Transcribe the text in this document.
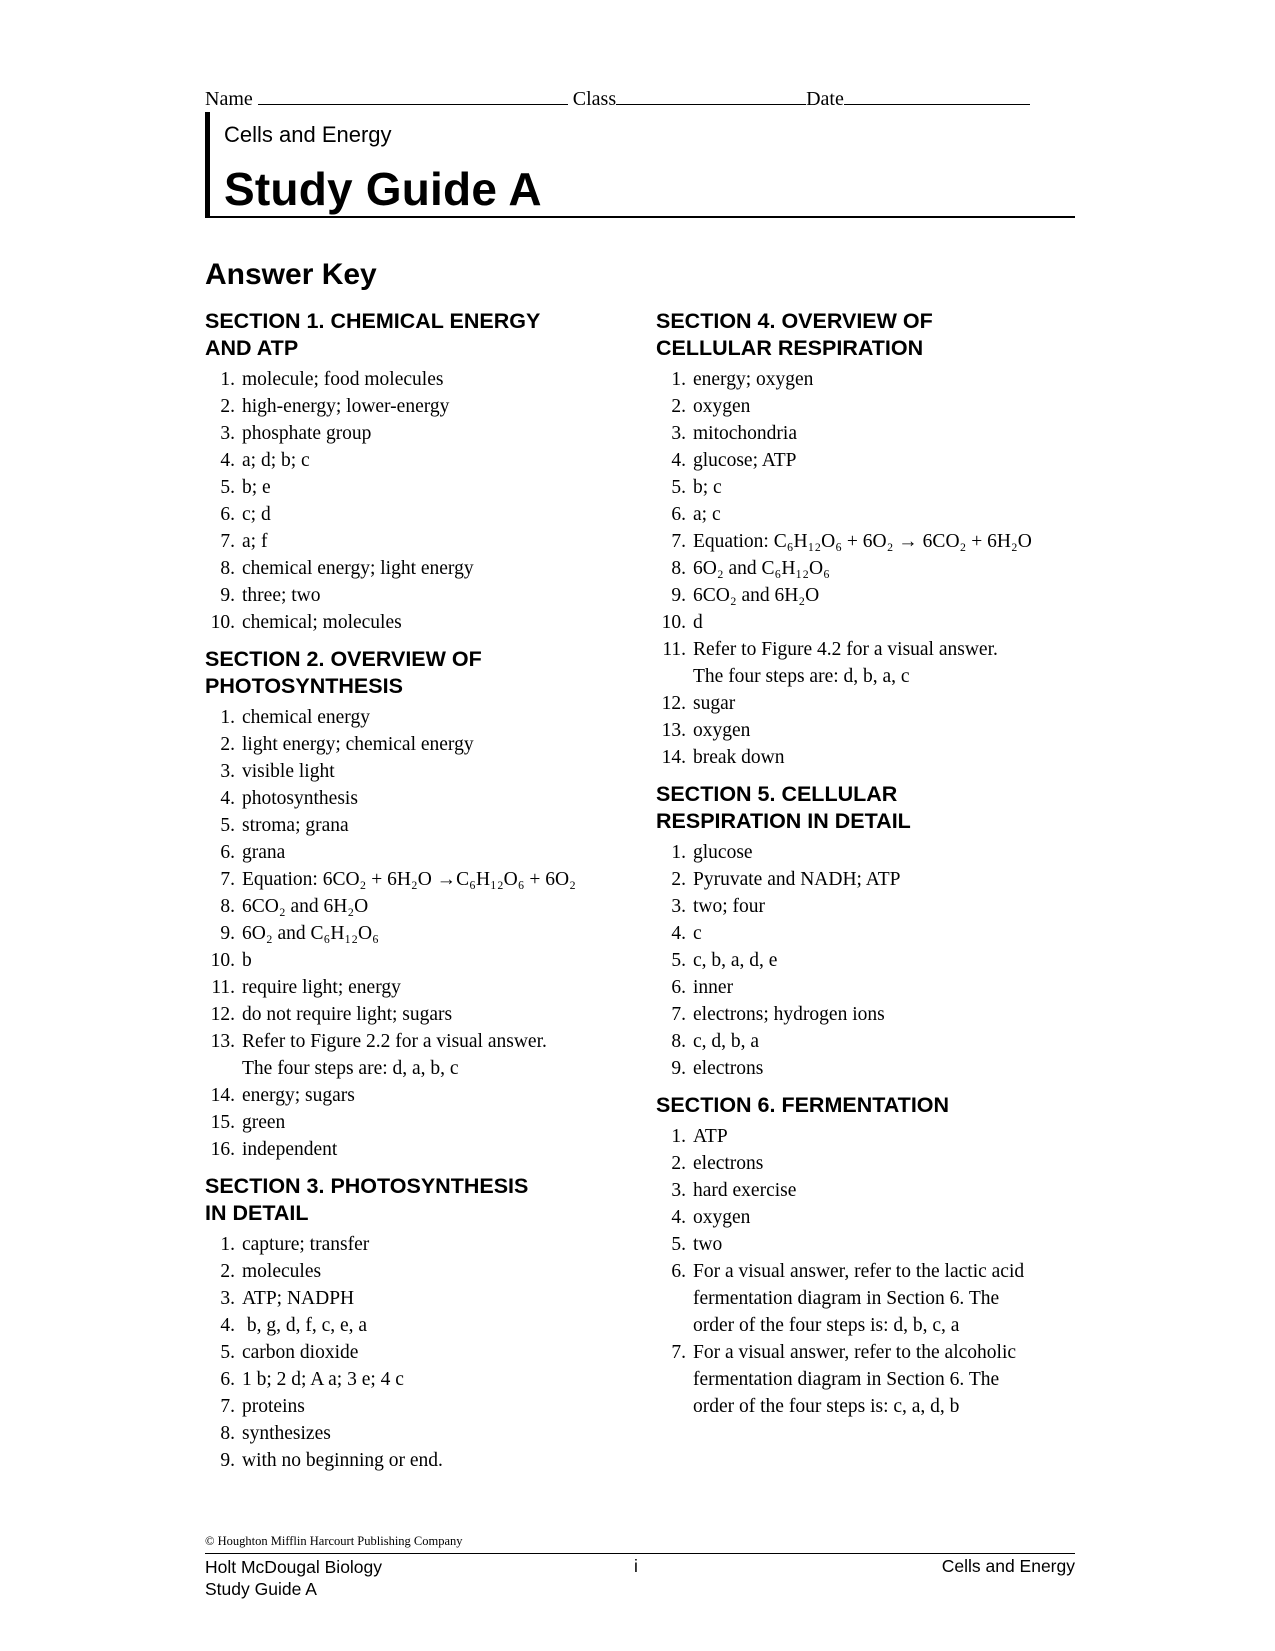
Name	Class	Date
Cells and Energy
Study Guide A
Answer Key
SECTION 1. CHEMICAL ENERGY
AND ATP
1. molecule; food molecules
2. high-energy; lower-energy
3. phosphate group
4. a; d; b; c
5. b; e
6. c; d
7. a; f
8. chemical energy; light energy
9. three; two
10. chemical; molecules
SECTION 2. OVERVIEW OF
PHOTOSYNTHESIS
1. chemical energy
2. light energy; chemical energy
3. visible light
4. photosynthesis
5. stroma; grana
6. grana
7. Equation: 6CO₂ + 6H₂O →C₆H₁₂O₆ + 6O₂
8. 6CO₂ and 6H₂O
9. 6O₂ and C₆H₁₂O₆
10. b
11. require light; energy
12. do not require light; sugars
13. Refer to Figure 2.2 for a visual answer.
The four steps are: d, a, b, c
14. energy; sugars
15. green
16. independent
SECTION 3. PHOTOSYNTHESIS
IN DETAIL
1. capture; transfer
2. molecules
3. ATP; NADPH
4. b, g, d, f, c, e, a
5. carbon dioxide
6. 1 b; 2 d; A a; 3 e; 4 c
7. proteins
8. synthesizes
9. with no beginning or end.
SECTION 4. OVERVIEW OF
CELLULAR RESPIRATION
1. energy; oxygen
2. oxygen
3. mitochondria
4. glucose; ATP
5. b; c
6. a; c
7. Equation: C₆H₁₂O₆ + 6O₂ → 6CO₂ + 6H₂O
8. 6O₂ and C₆H₁₂O₆
9. 6CO₂ and 6H₂O
10. d
11. Refer to Figure 4.2 for a visual answer.
The four steps are: d, b, a, c
12. sugar
13. oxygen
14. break down
SECTION 5. CELLULAR
RESPIRATION IN DETAIL
1. glucose
2. Pyruvate and NADH; ATP
3. two; four
4. c
5. c, b, a, d, e
6. inner
7. electrons; hydrogen ions
8. c, d, b, a
9. electrons
SECTION 6. FERMENTATION
1. ATP
2. electrons
3. hard exercise
4. oxygen
5. two
6. For a visual answer, refer to the lactic acid
fermentation diagram in Section 6. The
order of the four steps is: d, b, c, a
7. For a visual answer, refer to the alcoholic
fermentation diagram in Section 6. The
order of the four steps is: c, a, d, b
© Houghton Mifflin Harcourt Publishing Company
Holt McDougal Biology
Study Guide A
i	Cells and Energy
